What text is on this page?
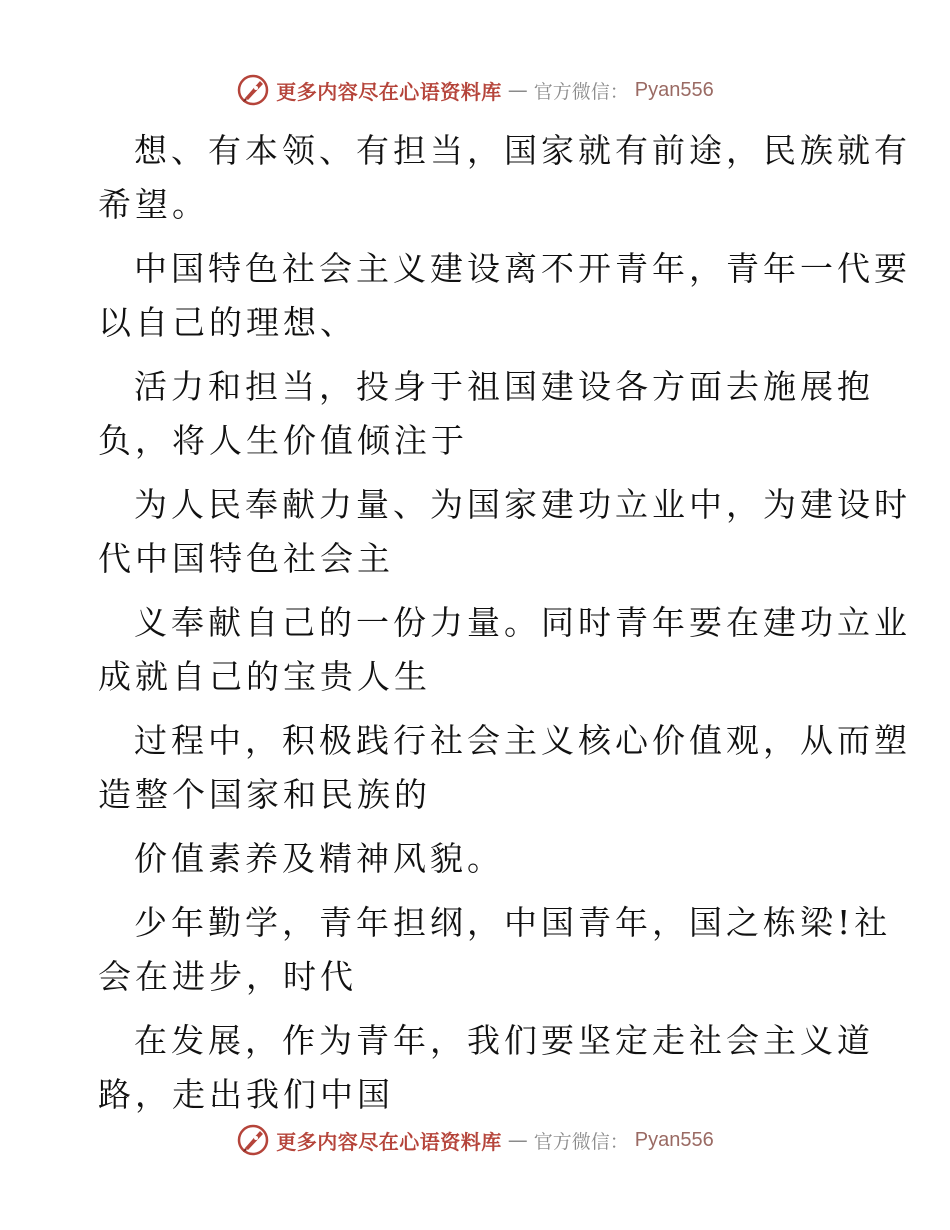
更多内容尽在心语资料库 — 官方微信： Pyan556
想、有本领、有担当，国家就有前途，民族就有
希望。
中国特色社会主义建设离不开青年，青年一代要
以自己的理想、
活力和担当，投身于祖国建设各方面去施展抱
负，将人生价值倾注于
为人民奉献力量、为国家建功立业中，为建设时
代中国特色社会主
义奉献自己的一份力量。同时青年要在建功立业
成就自己的宝贵人生
过程中，积极践行社会主义核心价值观，从而塑
造整个国家和民族的
价值素养及精神风貌。
少年勤学，青年担纲，中国青年，国之栋梁!社
会在进步，时代
在发展，作为青年，我们要坚定走社会主义道
路，走出我们中国
更多内容尽在心语资料库 — 官方微信： Pyan556
